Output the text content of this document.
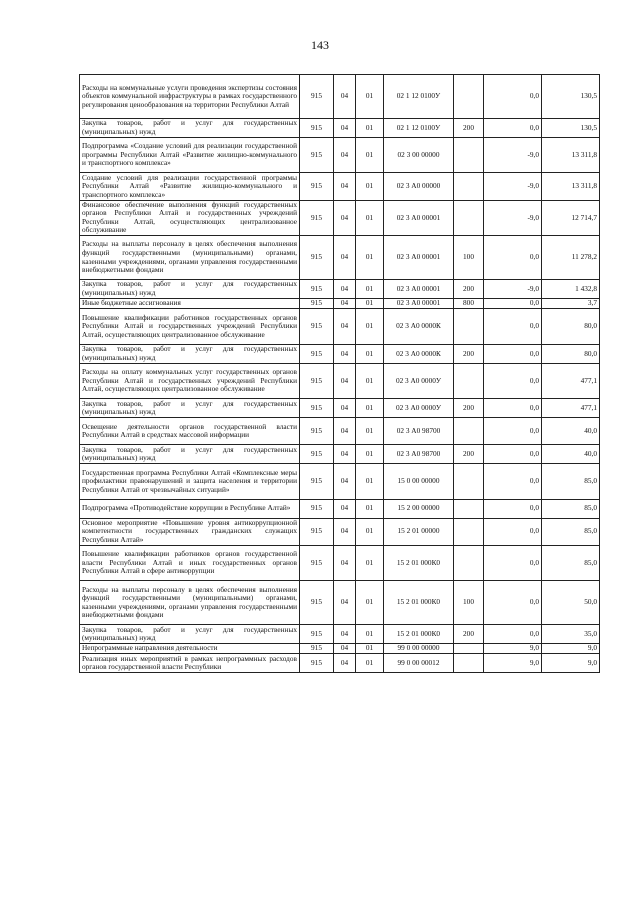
143
Расходы на коммунальные услуги проведения экспертизы состояния объектов коммунальной инфраструктуры в рамках государственного регулирования ценообразования на территории Республики Алтай	915	04	01	02 1 12 0100У		0,0	130,5
Закупка товаров, работ и услуг для государственных (муниципальных) нужд	915	04	01	02 1 12 0100У	200	0,0	130,5
Подпрограмма «Создание условий для реализации государственной программы Республики Алтай «Развитие жилищно-коммунального и транспортного комплекса»	915	04	01	02 3 00 00000		-9,0	13 311,8
Создание условий для реализации государственной программы Республики Алтай «Развитие жилищно-коммунального и транспортного комплекса»	915	04	01	02 3 А0 00000		-9,0	13 311,8
Финансовое обеспечение выполнения функций государственных органов Республики Алтай и государственных учреждений Республики Алтай, осуществляющих централизованное обслуживание	915	04	01	02 3 А0 00001		-9,0	12 714,7
Расходы на выплаты персоналу в целях обеспечения выполнения функций государственными (муниципальными) органами, казенными учреждениями, органами управления государственными внебюджетными фондами	915	04	01	02 3 А0 00001	100	0,0	11 278,2
Закупка товаров, работ и услуг для государственных (муниципальных) нужд	915	04	01	02 3 А0 00001	200	-9,0	1 432,8
Иные бюджетные ассигнования	915	04	01	02 3 А0 00001	800	0,0	3,7
Повышение квалификации работников государственных органов Республики Алтай и государственных учреждений Республики Алтай, осуществляющих централизованное обслуживание	915	04	01	02 3 А0 0000К		0,0	80,0
Закупка товаров, работ и услуг для государственных (муниципальных) нужд	915	04	01	02 3 А0 0000К	200	0,0	80,0
Расходы на оплату коммунальных услуг государственных органов Республики Алтай и государственных учреждений Республики Алтай, осуществляющих централизованное обслуживание	915	04	01	02 3 А0 0000У		0,0	477,1
Закупка товаров, работ и услуг для государственных (муниципальных) нужд	915	04	01	02 3 А0 0000У	200	0,0	477,1
Освещение деятельности органов государственной власти Республики Алтай в средствах массовой информации	915	04	01	02 3 А0 98700		0,0	40,0
Закупка товаров, работ и услуг для государственных (муниципальных) нужд	915	04	01	02 3 А0 98700	200	0,0	40,0
Государственная программа Республики Алтай «Комплексные меры профилактики правонарушений и защита населения и территории Республики Алтай от чрезвычайных ситуаций»	915	04	01	15 0 00 00000		0,0	85,0
Подпрограмма «Противодействие коррупции в Республике Алтай»	915	04	01	15 2 00 00000		0,0	85,0
Основное мероприятие «Повышение уровня антикоррупционной компетентности государственных гражданских служащих Республики Алтай»	915	04	01	15 2 01 00000		0,0	85,0
Повышение квалификации работников органов государственной власти Республики Алтай и иных государственных органов Республики Алтай в сфере антикоррупции	915	04	01	15 2 01 000К0		0,0	85,0
Расходы на выплаты персоналу в целях обеспечения выполнения функций государственными (муниципальными) органами, казенными учреждениями, органами управления государственными внебюджетными фондами	915	04	01	15 2 01 000К0	100	0,0	50,0
Закупка товаров, работ и услуг для государственных (муниципальных) нужд	915	04	01	15 2 01 000К0	200	0,0	35,0
Непрограммные направления деятельности	915	04	01	99 0 00 00000		9,0	9,0
Реализация иных мероприятий в рамках непрограммных расходов органов государственной власти Республики	915	04	01	99 0 00 00012		9,0	9,0
